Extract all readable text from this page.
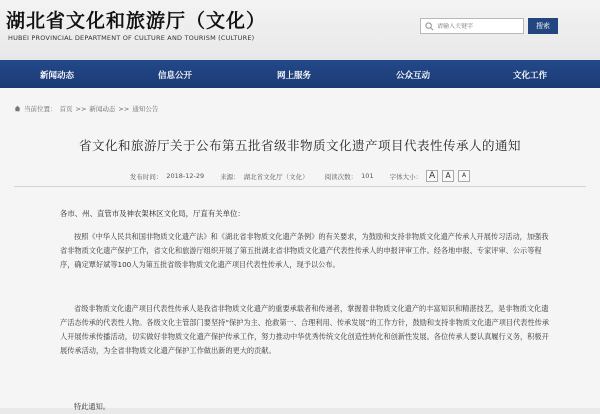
湖北省文化和旅游厅（文化）
HUBEI PROVINCIAL DEPARTMENT OF CULTURE AND TOURISM (CULTURE)
请输入关键字
搜索
新闻动态	信息公开	网上服务	公众互动	文化工作
当前位置： 首页 >> 新闻动态 >> 通知公告
省文化和旅游厅关于公布第五批省级非物质文化遗产项目代表性传承人的通知
发布时间： 2018-12-29 来源： 湖北省文化厅（文化） 阅读次数： 101 字体大小： A	A	A
各市、州、直管市及神农架林区文化局，厅直有关单位：
按照《中华人民共和国非物质文化遗产法》和《湖北省非物质文化遗产条例》的有关要求，为鼓励和支持非物质文化遗产传承人开展传习活动，加强我省非物质文化遗产保护工作，省文化和旅游厅组织开展了第五批湖北省非物质文化遗产代表性传承人的申报评审工作。经各地申报、专家评审、公示等程序，确定覃好斌等100人为第五批省级非物质文化遗产项目代表性传承人，现予以公布。
省级非物质文化遗产项目代表性传承人是我省非物质文化遗产的重要承载者和传递者，掌握着非物质文化遗产的丰富知识和精湛技艺，是非物质文化遗产活态传承的代表性人物。各级文化主管部门要坚持“保护为主、抢救第一、合理利用、传承发展”的工作方针，鼓励和支持非物质文化遗产项目代表性传承人开展传承传播活动，切实做好非物质文化遗产保护传承工作，努力推动中华优秀传统文化创造性转化和创新性发展。各位传承人要认真履行义务，积极开展传承活动，为全省非物质文化遗产保护工作做出新的更大的贡献。
特此通知。
